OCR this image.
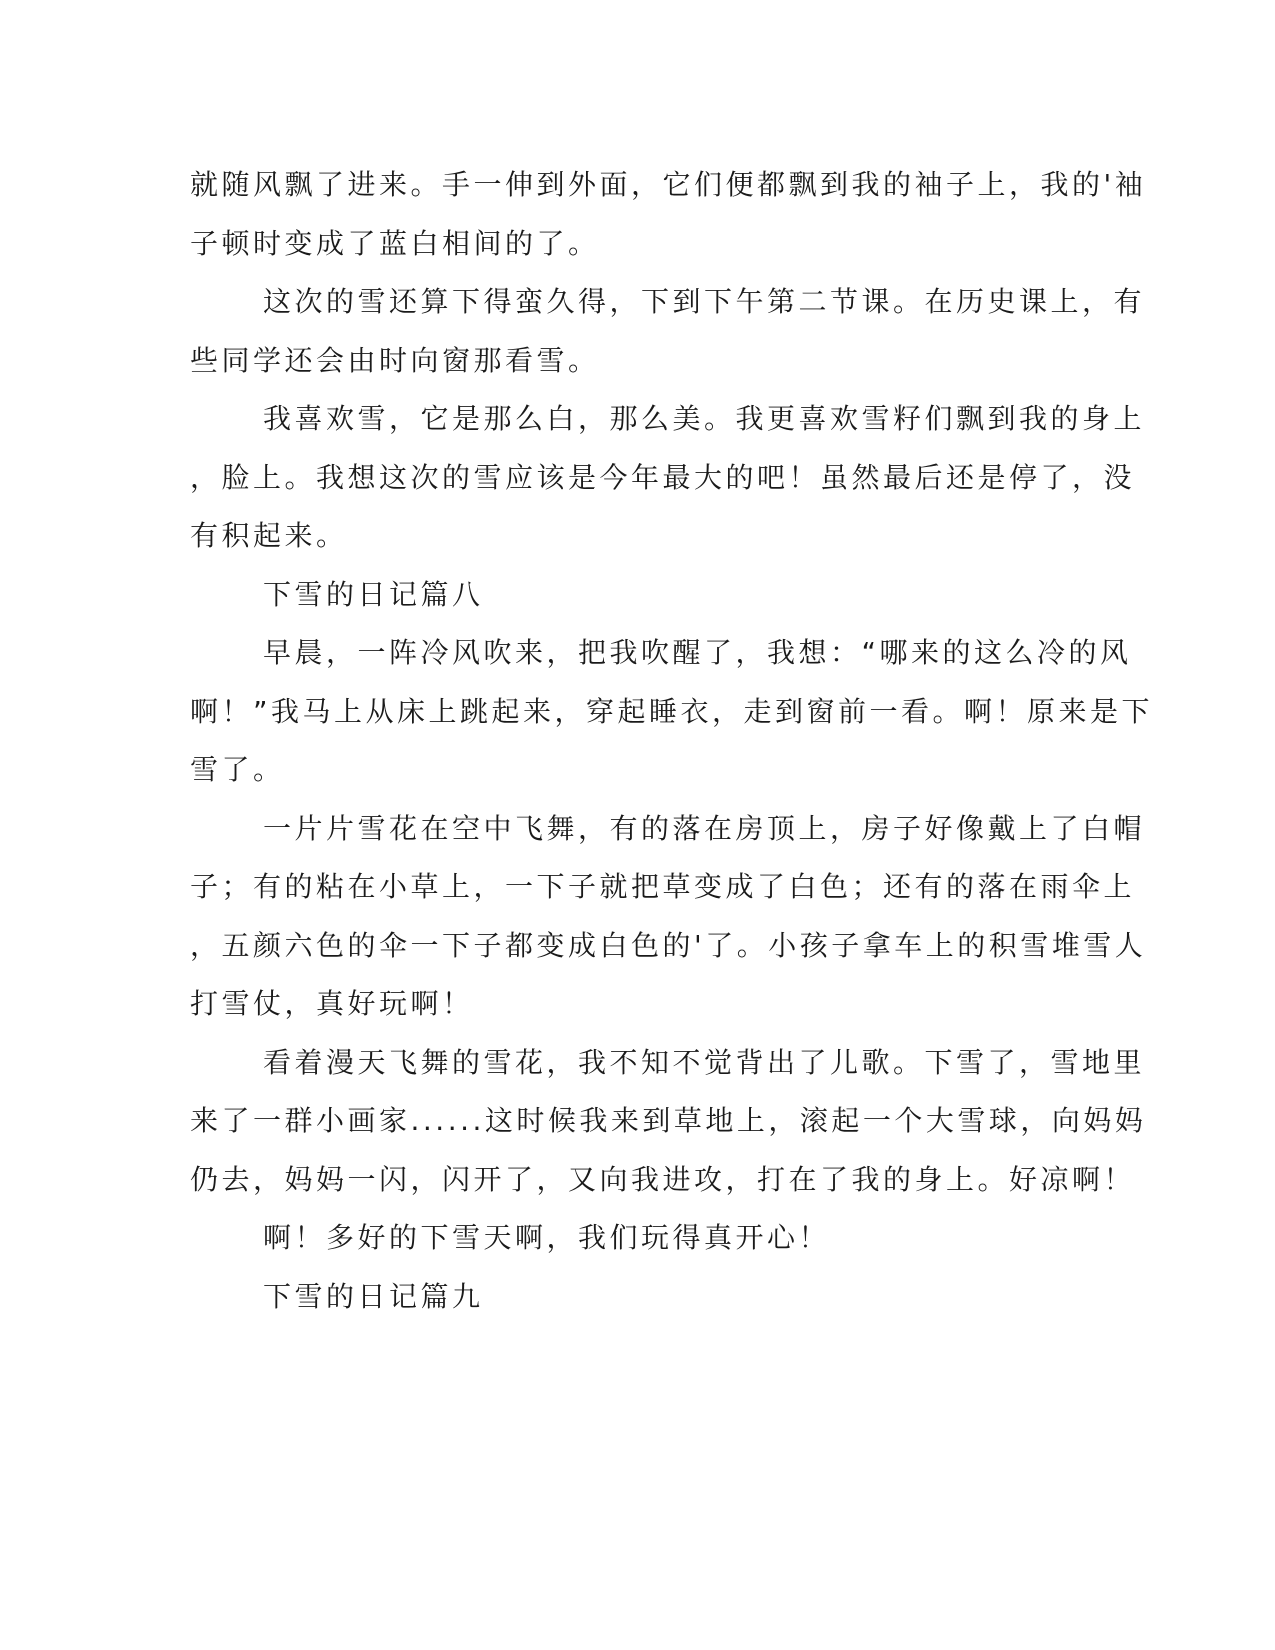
就随风飘了进来。手一伸到外面，它们便都飘到我的袖子上，我的'袖
子顿时变成了蓝白相间的了。
这次的雪还算下得蛮久得，下到下午第二节课。在历史课上，有
些同学还会由时向窗那看雪。
我喜欢雪，它是那么白，那么美。我更喜欢雪籽们飘到我的身上
，脸上。我想这次的雪应该是今年最大的吧！虽然最后还是停了，没
有积起来。
下雪的日记篇八
早晨，一阵冷风吹来，把我吹醒了，我想：“哪来的这么冷的风
啊！”我马上从床上跳起来，穿起睡衣，走到窗前一看。啊！原来是下
雪了。
一片片雪花在空中飞舞，有的落在房顶上，房子好像戴上了白帽
子；有的粘在小草上，一下子就把草变成了白色；还有的落在雨伞上
，五颜六色的伞一下子都变成白色的'了。小孩子拿车上的积雪堆雪人
打雪仗，真好玩啊！
看着漫天飞舞的雪花，我不知不觉背出了儿歌。下雪了，雪地里
来了一群小画家......这时候我来到草地上，滚起一个大雪球，向妈妈
仍去，妈妈一闪，闪开了，又向我进攻，打在了我的身上。好凉啊！
啊！多好的下雪天啊，我们玩得真开心！
下雪的日记篇九
